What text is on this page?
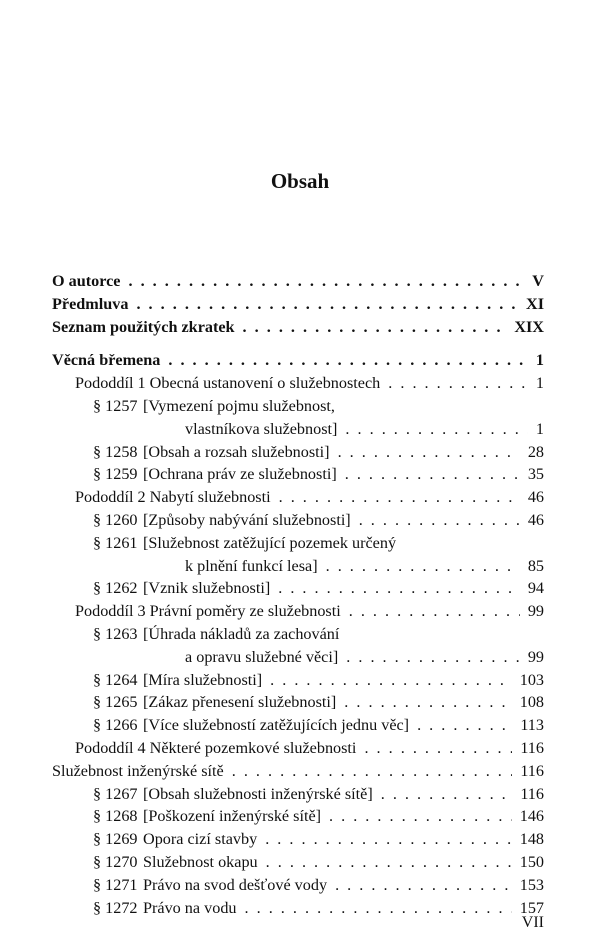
Obsah
O autorce . . .	V
Předmluva . . .	XI
Seznam použitých zkratek . . .	XIX
Věcná břemena . . .	1
Pododdíl 1 Obecná ustanovení o služebnostech . . .	1
§ 1257 [Vymezení pojmu služebnost,
vlastníkova služebnost] . . .	1
§ 1258 [Obsah a rozsah služebnosti] . . .	28
§ 1259 [Ochrana práv ze služebnosti] . . .	35
Pododdíl 2 Nabytí služebnosti . . .	46
§ 1260 [Způsoby nabývání služebnosti] . . .	46
§ 1261 [Služebnost zatěžující pozemek určený
k plnění funkcí lesa] . . .	85
§ 1262 [Vznik služebnosti] . . .	94
Pododdíl 3 Právní poměry ze služebnosti . . .	99
§ 1263 [Úhrada nákladů za zachování
a opravu služebné věci] . . .	99
§ 1264 [Míra služebnosti] . . .	103
§ 1265 [Zákaz přenesení služebnosti] . . .	108
§ 1266 [Více služebností zatěžujících jednu věc] . . .	113
Pododdíl 4 Některé pozemkové služebnosti . . .	116
Služebnost inženýrské sítě . . .	116
§ 1267 [Obsah služebnosti inženýrské sítě] . . .	116
§ 1268 [Poškození inženýrské sítě] . . .	146
§ 1269 Opora cizí stavby . . .	148
§ 1270 Služebnost okapu . . .	150
§ 1271 Právo na svod dešťové vody . . .	153
§ 1272 Právo na vodu . . .	157
VII
